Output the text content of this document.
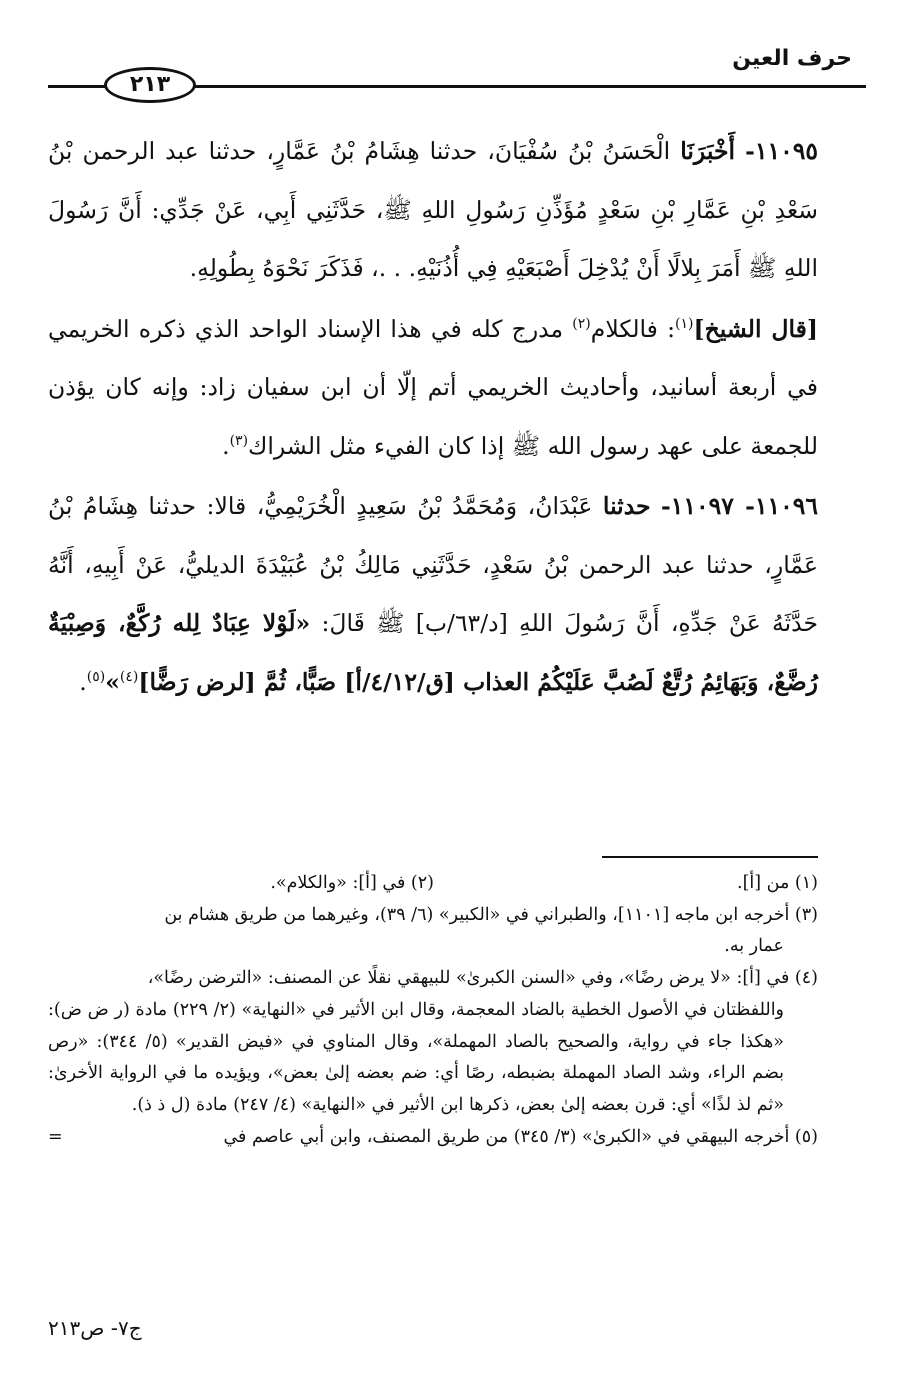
حرف العين
٢١٣

١١٠٩٥- أَخْبَرَنَا الْحَسَنُ بْنُ سُفْيَانَ، حدثنا هِشَامُ بْنُ عَمَّارٍ، حدثنا عبد الرحمن بْنُ سَعْدِ بْنِ عَمَّارِ بْنِ سَعْدٍ مُؤَذِّنِ رَسُولِ اللهِ ﷺ، حَدَّثَنِي أَبِي، عَنْ جَدِّي: أَنَّ رَسُولَ اللهِ ﷺ أَمَرَ بِلالًا أَنْ يُدْخِلَ أَصْبَعَيْهِ فِي أُذُنَيْهِ. . .، فَذَكَرَ نَحْوَهُ بِطُولِهِ.

[قال الشيخ]$^{(١)}$: فالكلام$^{(٢)}$ مدرج كله في هذا الإسناد الواحد الذي ذكره الخريمي في أربعة أسانيد، وأحاديث الخريمي أتم إلّا أن ابن سفيان زاد: وإنه كان يؤذن للجمعة على عهد رسول الله ﷺ إذا كان الفيء مثل الشراك$^{(٣)}$.

١١٠٩٦- ١١٠٩٧- حدثنا عَبْدَانُ، وَمُحَمَّدُ بْنُ سَعِيدٍ الْخُرَيْمِيُّ، قالا: حدثنا هِشَامُ بْنُ عَمَّارٍ، حدثنا عبد الرحمن بْنُ سَعْدٍ، حَدَّثَنِي مَالِكُ بْنُ عُبَيْدَةَ الديليُّ، عَنْ أَبِيهِ، أَنَّهُ حَدَّثَهُ عَنْ جَدِّهِ، أَنَّ رَسُولَ اللهِ [د/٦٣/ب] ﷺ قَالَ: «لَوْلا عِبَادٌ لِله رُكَّعٌ، وَصِبْيَةٌ رُضَّعٌ، وَبَهَائِمُ رُتَّعٌ لَصُبَّ عَلَيْكُمُ العذاب [ق/٤/١٢/أ] صَبًّا، ثُمَّ [لرض رَضًّا]$^{(٤)}$»$^{(٥)}$.

(١) من [أ].
(٢) في [أ]: «والكلام».

(٣) أخرجه ابن ماجه [١١٠١]، والطبراني في «الكبير» (٦/ ٣٩)، وغيرهما من طريق هشام بن

عمار به.

(٤) في [أ]: «لا يرض رضًا»، وفي «السنن الكبرىٰ» للبيهقي نقلًا عن المصنف: «الترضن رضًا»،

واللفظتان في الأصول الخطية بالضاد المعجمة، وقال ابن الأثير في «النهاية» (٢/ ٢٢٩) مادة (ر ض ض): «هكذا جاء في رواية، والصحيح بالصاد المهملة»، وقال المناوي في «فيض القدير» (٥/ ٣٤٤): «رص بضم الراء، وشد الصاد المهملة بضبطه، رصًا أي: ضم بعضه إلىٰ بعض»، ويؤيده ما في الرواية الأخرىٰ: «ثم لذ لذًا» أي: قرن بعضه إلىٰ بعض، ذكرها ابن الأثير في «النهاية» (٤/ ٢٤٧) مادة (ل ذ ذ).

(٥) أخرجه البيهقي في «الكبرىٰ» (٣/ ٣٤٥) من طريق المصنف، وابن أبي عاصم في
=
ج٧- ص٢١٣
